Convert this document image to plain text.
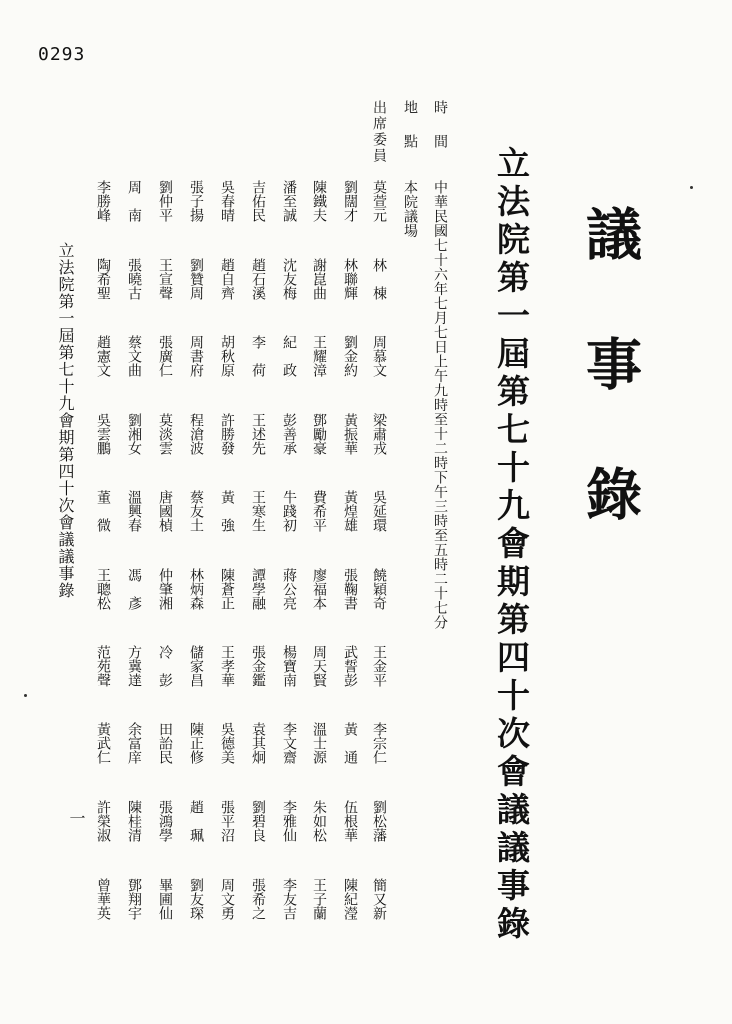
0293
議事錄
立法院第一屆第七十九會期第四十次會議議事錄
時間
中華民國七十六年七月七日上午九時至十二時下午三時至五時二十七分
地點
本院議場
出席委員
莫萱元
林棟
周慕文
梁肅戎
吳延環
饒穎奇
王金平
李宗仁
劉松藩
簡又新
劉闊才
林聯輝
劉金約
黃振華
黃煌雄
張鞠書
武誓彭
黃通
伍根華
陳紀瀅
陳鐵夫
謝崑曲
王耀漳
鄧勵豪
費希平
廖福本
周天賢
溫士源
朱如松
王子蘭
潘至誠
沈友梅
紀政
彭善承
牛踐初
蔣公亮
楊寶南
李文齋
李雅仙
李友吉
吉佑民
趙石溪
李荷
王述先
王寒生
譚學融
張金鑑
袁其炯
劉碧良
張希之
吳春晴
趙自齊
胡秋原
許勝發
黃強
陳蒼正
王孝華
吳德美
張平沼
周文勇
張子揚
劉贊周
周書府
程滄波
蔡友土
林炳森
儲家昌
陳正修
趙珮
劉友琛
劉仲平
王宣聲
張廣仁
莫淡雲
唐國楨
仲肇湘
冷彭
田詒民
張鴻學
畢圃仙
周南
張曉古
蔡文曲
劉湘女
溫興春
馮彥
方冀達
余富庠
陳桂清
鄧翔宇
李勝峰
陶希聖
趙憲文
吳雲鵬
董微
王聰松
范苑聲
黃武仁
許榮淑
曾華英
立法院第一屆第七十九會期第四十次會議議事錄
一
